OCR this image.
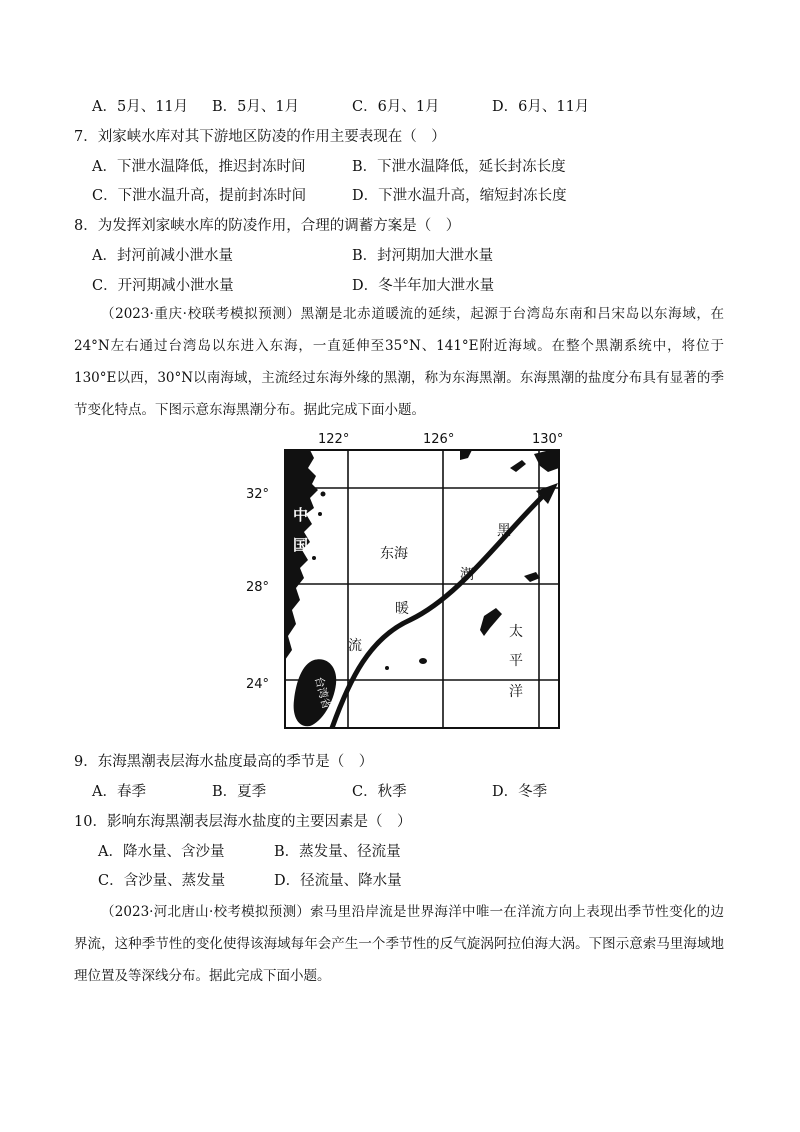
A．5月、11月 B．5月、1月	C．6月、1月	D．6月、11月
7．刘家峡水库对其下游地区防凌的作用主要表现在（　）
A．下泄水温降低，推迟封冻时间	B．下泄水温降低，延长封冻长度
C．下泄水温升高，提前封冻时间	D．下泄水温升高，缩短封冻长度
8．为发挥刘家峡水库的防凌作用，合理的调蓄方案是（　）
A．封河前减小泄水量	B．封河期加大泄水量
C．开河期减小泄水量	D．冬半年加大泄水量
（2023·重庆·校联考模拟预测）黑潮是北赤道暖流的延续，起源于台湾岛东南和吕宋岛以东海域，在24°N左右通过台湾岛以东进入东海，一直延伸至35°N、141°E附近海域。在整个黑潮系统中，将位于130°E以西，30°N以南海域，主流经过东海外缘的黑潮，称为东海黑潮。东海黑潮的盐度分布具有显著的季节变化特点。下图示意东海黑潮分布。据此完成下面小题。
122°	126°	130°
32°
28°
24°
中
国
台湾省
东海
暖
流
黑
潮
太
平
洋
9．东海黑潮表层海水盐度最高的季节是（　）
A．春季	B．夏季	C．秋季	D．冬季
10．影响东海黑潮表层海水盐度的主要因素是（　）
A．降水量、含沙量	B．蒸发量、径流量
C．含沙量、蒸发量	D．径流量、降水量
（2023·河北唐山·校考模拟预测）索马里沿岸流是世界海洋中唯一在洋流方向上表现出季节性变化的边界流，这种季节性的变化使得该海域每年会产生一个季节性的反气旋涡阿拉伯海大涡。下图示意索马里海域地理位置及等深线分布。据此完成下面小题。
